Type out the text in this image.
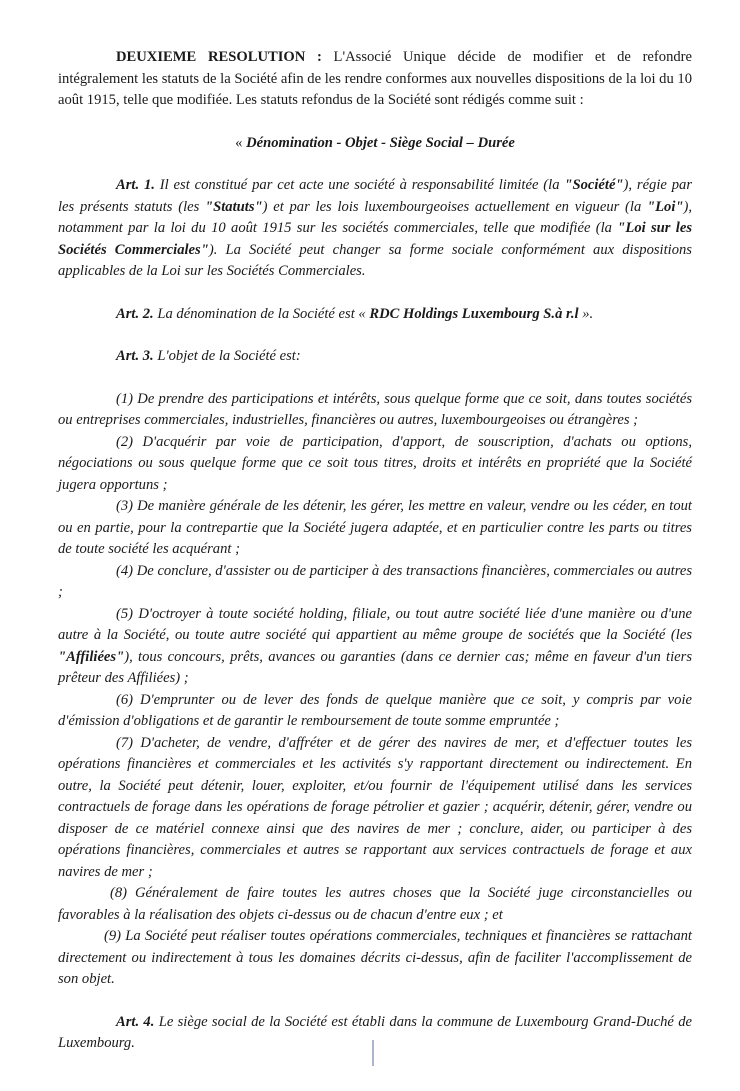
DEUXIEME RESOLUTION : L'Associé Unique décide de modifier et de refondre intégralement les statuts de la Société afin de les rendre conformes aux nouvelles dispositions de la loi du 10 août 1915, telle que modifiée. Les statuts refondus de la Société sont rédigés comme suit :

« Dénomination - Objet - Siège Social – Durée

Art. 1. Il est constitué par cet acte une société à responsabilité limitée (la "Société"), régie par les présents statuts (les "Statuts") et par les lois luxembourgeoises actuellement en vigueur (la "Loi"), notamment par la loi du 10 août 1915 sur les sociétés commerciales, telle que modifiée (la "Loi sur les Sociétés Commerciales"). La Société peut changer sa forme sociale conformément aux dispositions applicables de la Loi sur les Sociétés Commerciales.

Art. 2. La dénomination de la Société est « RDC Holdings Luxembourg S.à r.l ».

Art. 3. L'objet de la Société est:

(1) De prendre des participations et intérêts, sous quelque forme que ce soit, dans toutes sociétés ou entreprises commerciales, industrielles, financières ou autres, luxembourgeoises ou étrangères ;

(2) D'acquérir par voie de participation, d'apport, de souscription, d'achats ou options, négociations ou sous quelque forme que ce soit tous titres, droits et intérêts en propriété que la Société jugera opportuns ;

(3) De manière générale de les détenir, les gérer, les mettre en valeur, vendre ou les céder, en tout ou en partie, pour la contrepartie que la Société jugera adaptée, et en particulier contre les parts ou titres de toute société les acquérant ;

(4) De conclure, d'assister ou de participer à des transactions financières, commerciales ou autres ;

(5) D'octroyer à toute société holding, filiale, ou tout autre société liée d'une manière ou d'une autre à la Société, ou toute autre société qui appartient au même groupe de sociétés que la Société (les "Affiliées"), tous concours, prêts, avances ou garanties (dans ce dernier cas; même en faveur d'un tiers prêteur des Affiliées) ;

(6) D'emprunter ou de lever des fonds de quelque manière que ce soit, y compris par voie d'émission d'obligations et de garantir le remboursement de toute somme empruntée ;

(7) D'acheter, de vendre, d'affréter et de gérer des navires de mer, et d'effectuer toutes les opérations financières et commerciales et les activités s'y rapportant directement ou indirectement. En outre, la Société peut détenir, louer, exploiter, et/ou fournir de l'équipement utilisé dans les services contractuels de forage dans les opérations de forage pétrolier et gazier ; acquérir, détenir, gérer, vendre ou disposer de ce matériel connexe ainsi que des navires de mer ; conclure, aider, ou participer à des opérations financières, commerciales et autres se rapportant aux services contractuels de forage et aux navires de mer ;

(8) Généralement de faire toutes les autres choses que la Société juge circonstancielles ou favorables à la réalisation des objets ci-dessus ou de chacun d'entre eux ; et

(9) La Société peut réaliser toutes opérations commerciales, techniques et financières se rattachant directement ou indirectement à tous les domaines décrits ci-dessus, afin de faciliter l'accomplissement de son objet.

Art. 4. Le siège social de la Société est établi dans la commune de Luxembourg Grand-Duché de Luxembourg.
